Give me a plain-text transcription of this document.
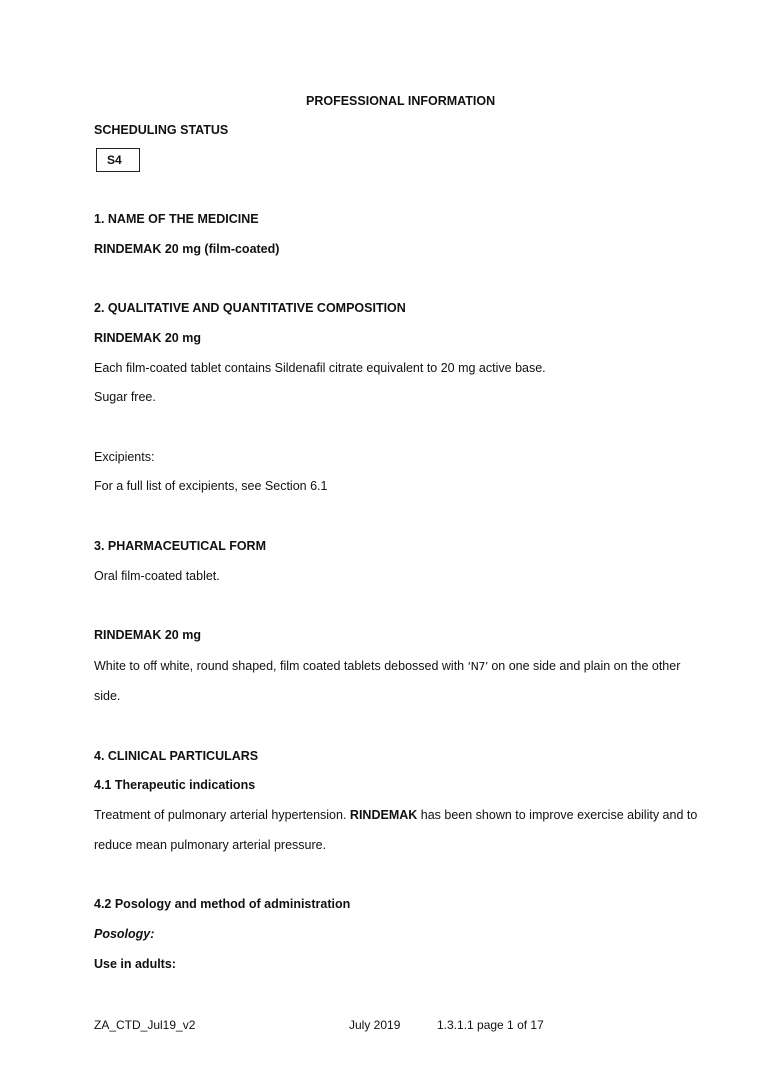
PROFESSIONAL INFORMATION
SCHEDULING STATUS
S4
1. NAME OF THE MEDICINE
RINDEMAK 20 mg (film-coated)
2. QUALITATIVE AND QUANTITATIVE COMPOSITION
RINDEMAK 20 mg
Each film-coated tablet contains Sildenafil citrate equivalent to 20 mg active base.
Sugar free.
Excipients:
For a full list of excipients, see Section 6.1
3. PHARMACEUTICAL FORM
Oral film-coated tablet.
RINDEMAK 20 mg
White to off white, round shaped, film coated tablets debossed with ‘N7’ on one side and plain on the other
side.
4. CLINICAL PARTICULARS
4.1 Therapeutic indications
Treatment of pulmonary arterial hypertension. RINDEMAK has been shown to improve exercise ability and to
reduce mean pulmonary arterial pressure.
4.2 Posology and method of administration
Posology:
Use in adults:
ZA_CTD_Jul19_v2	July 2019	1.3.1.1 page 1 of 17
